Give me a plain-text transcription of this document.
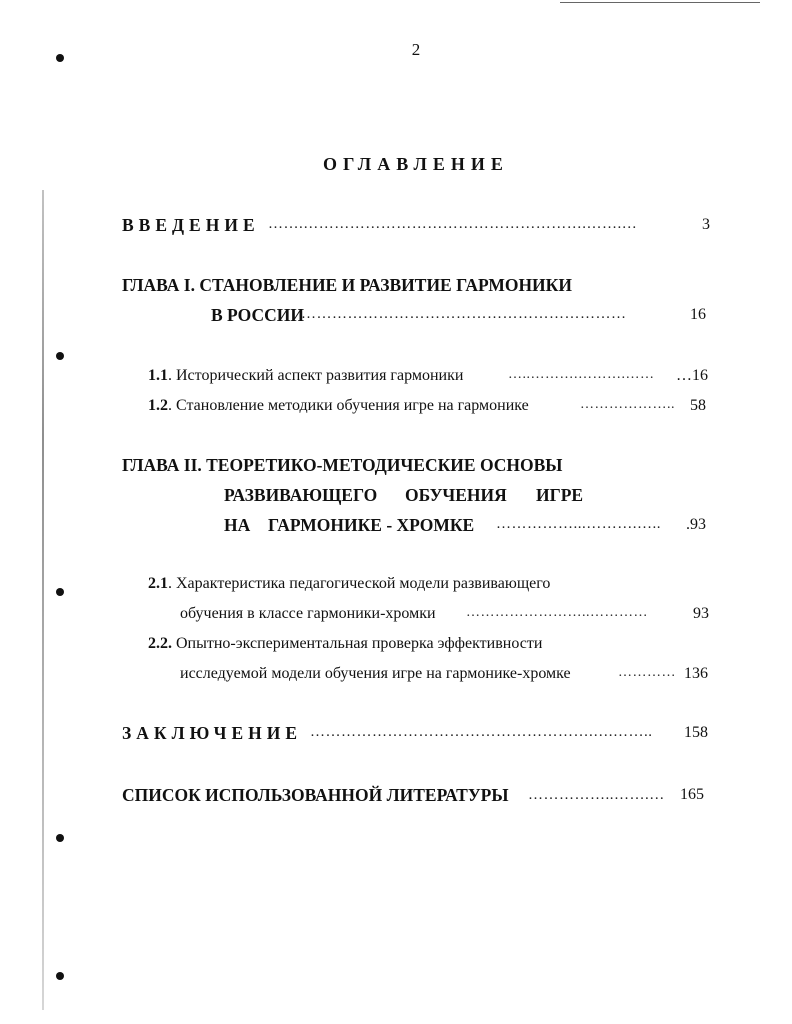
2
ОГЛАВЛЕНИЕ
ВВЕДЕНИЕ …….……………………………………………….…….…	3
ГЛАВА I. СТАНОВЛЕНИЕ И РАЗВИТИЕ ГАРМОНИКИ
В РОССИИ
………………………………………………………	16
1.1. Исторический аспект развития гармоники	…..……….……….…… …16
1.2. Становление методики обучения игре на гармонике	……………….. 58
ГЛАВА II. ТЕОРЕТИКО-МЕТОДИЧЕСКИЕ ОСНОВЫ
РАЗВИВАЮЩЕГО ОБУЧЕНИЯ ИГРЕ
НА ГАРМОНИКЕ - ХРОМКЕ ……………...……….….. .93
2.1. Характеристика педагогической модели развивающего
обучения в классе гармоники-хромки ……………………..…………	93
2.2. Опытно-экспериментальная проверка эффективности
исследуемой модели обучения игре на гармонике-хромке	………… 136
ЗАКЛЮЧЕНИЕ ……………………………………………….….…….. 158
СПИСОК ИСПОЛЬЗОВАННОЙ ЛИТЕРАТУРЫ ……………..…….… 165
